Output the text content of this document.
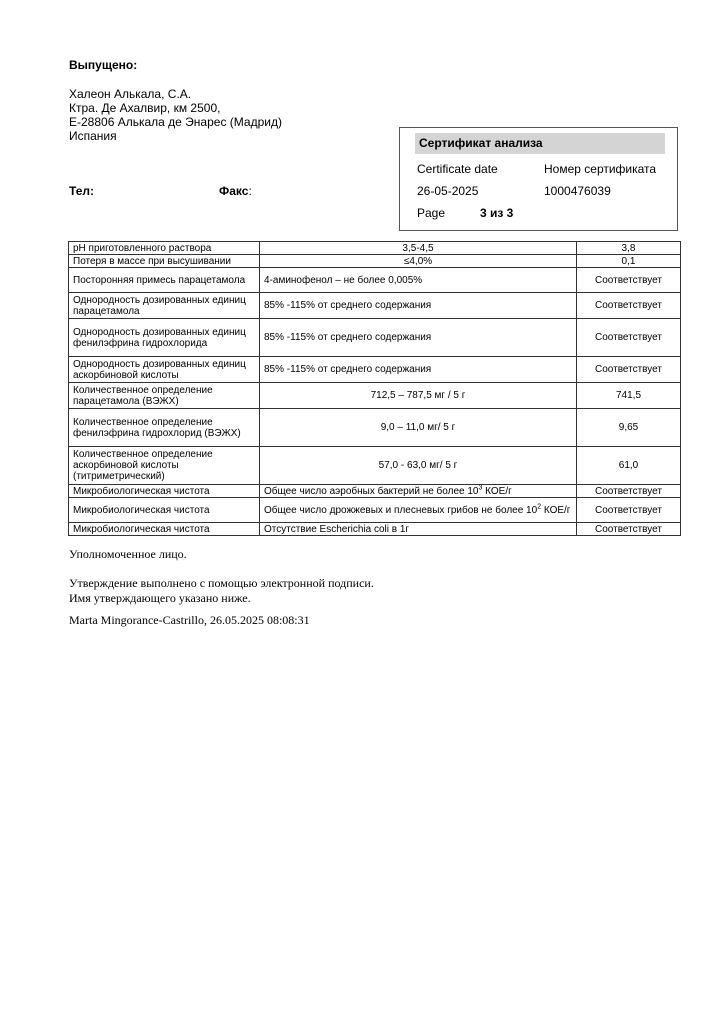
Выпущено:
Халеон Алькала, С.А.
Ктра. Де Ахалвир, км 2500,
E-28806 Алькала де Энарес (Мадрид)
Испания
Тел:	Факс:
Сертификат анализа
Certificate date	Номер сертификата
26-05-2025	1000476039
Page	3 из 3
pH приготовленного раствора	3,5-4,5	3,8
Потеря в массе при высушивании	≤4,0%	0,1
Посторонняя примесь парацетамола	4-аминофенол – не более 0,005%	Соответствует
Однородность дозированных единиц парацетамола	85% -115% от среднего содержания	Соответствует
Однородность дозированных единиц фенилэфрина гидрохлорида	85% -115% от среднего содержания	Соответствует
Однородность дозированных единиц аскорбиновой кислоты	85% -115% от среднего содержания	Соответствует
Количественное определение парацетамола (ВЭЖХ)	712,5 – 787,5 мг / 5 г	741,5
Количественное определение фенилэфрина гидрохлорид (ВЭЖХ)	9,0 – 11,0 мг/ 5 г	9,65
Количественное определение аскорбиновой кислоты (титриметрический)	57,0 - 63,0 мг/ 5 г	61,0
Микробиологическая чистота	Общее число аэробных бактерий не более $10^3$ КОЕ/г	Соответствует
Микробиологическая чистота	Общее число дрожжевых и плесневых грибов не более $10^2$ КОЕ/г	Соответствует
Микробиологическая чистота	Отсутствие Escherichia coli в 1г	Соответствует
Уполномоченное лицо.
Утверждение выполнено с помощью электронной подписи.
Имя утверждающего указано ниже.
Marta Mingorance-Castrillo, 26.05.2025 08:08:31
